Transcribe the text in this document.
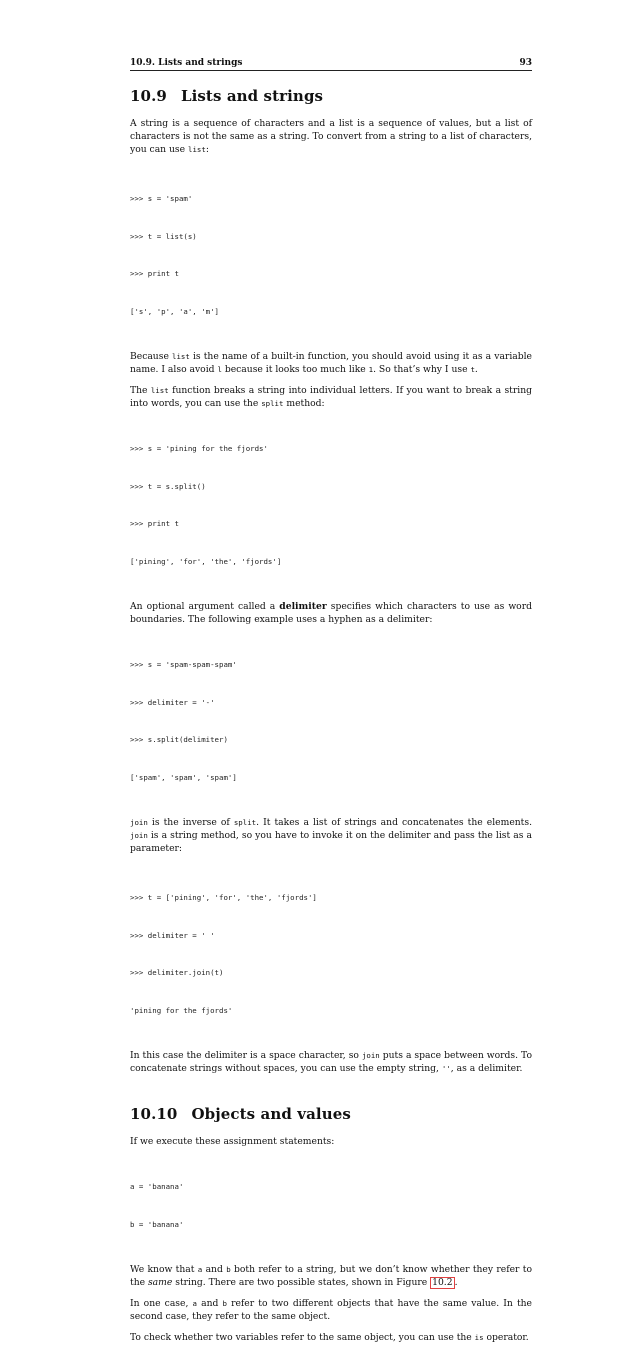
10.9. Lists and strings	93
10.9 Lists and strings

A string is a sequence of characters and a list is a sequence of values, but a list of characters is not the same as a string. To convert from a string to a list of characters, you can use list:

>>> s = 'spam'

>>> t = list(s)

>>> print t

['s', 'p', 'a', 'm']

Because list is the name of a built-in function, you should avoid using it as a variable name. I also avoid l because it looks too much like 1. So that’s why I use t.

The list function breaks a string into individual letters. If you want to break a string into words, you can use the split method:

>>> s = 'pining for the fjords'

>>> t = s.split()

>>> print t

['pining', 'for', 'the', 'fjords']

An optional argument called a delimiter specifies which characters to use as word boundaries. The following example uses a hyphen as a delimiter:

>>> s = 'spam-spam-spam'

>>> delimiter = '-'

>>> s.split(delimiter)

['spam', 'spam', 'spam']

join is the inverse of split. It takes a list of strings and concatenates the elements. join is a string method, so you have to invoke it on the delimiter and pass the list as a parameter:

>>> t = ['pining', 'for', 'the', 'fjords']

>>> delimiter = ' '

>>> delimiter.join(t)

'pining for the fjords'

In this case the delimiter is a space character, so join puts a space between words. To concatenate strings without spaces, you can use the empty string, '', as a delimiter.

10.10 Objects and values

If we execute these assignment statements:

a = 'banana'

b = 'banana'

We know that a and b both refer to a string, but we don’t know whether they refer to the same string. There are two possible states, shown in Figure 10.2 .

In one case, a and b refer to two different objects that have the same value. In the second case, they refer to the same object.

To check whether two variables refer to the same object, you can use the is operator.
